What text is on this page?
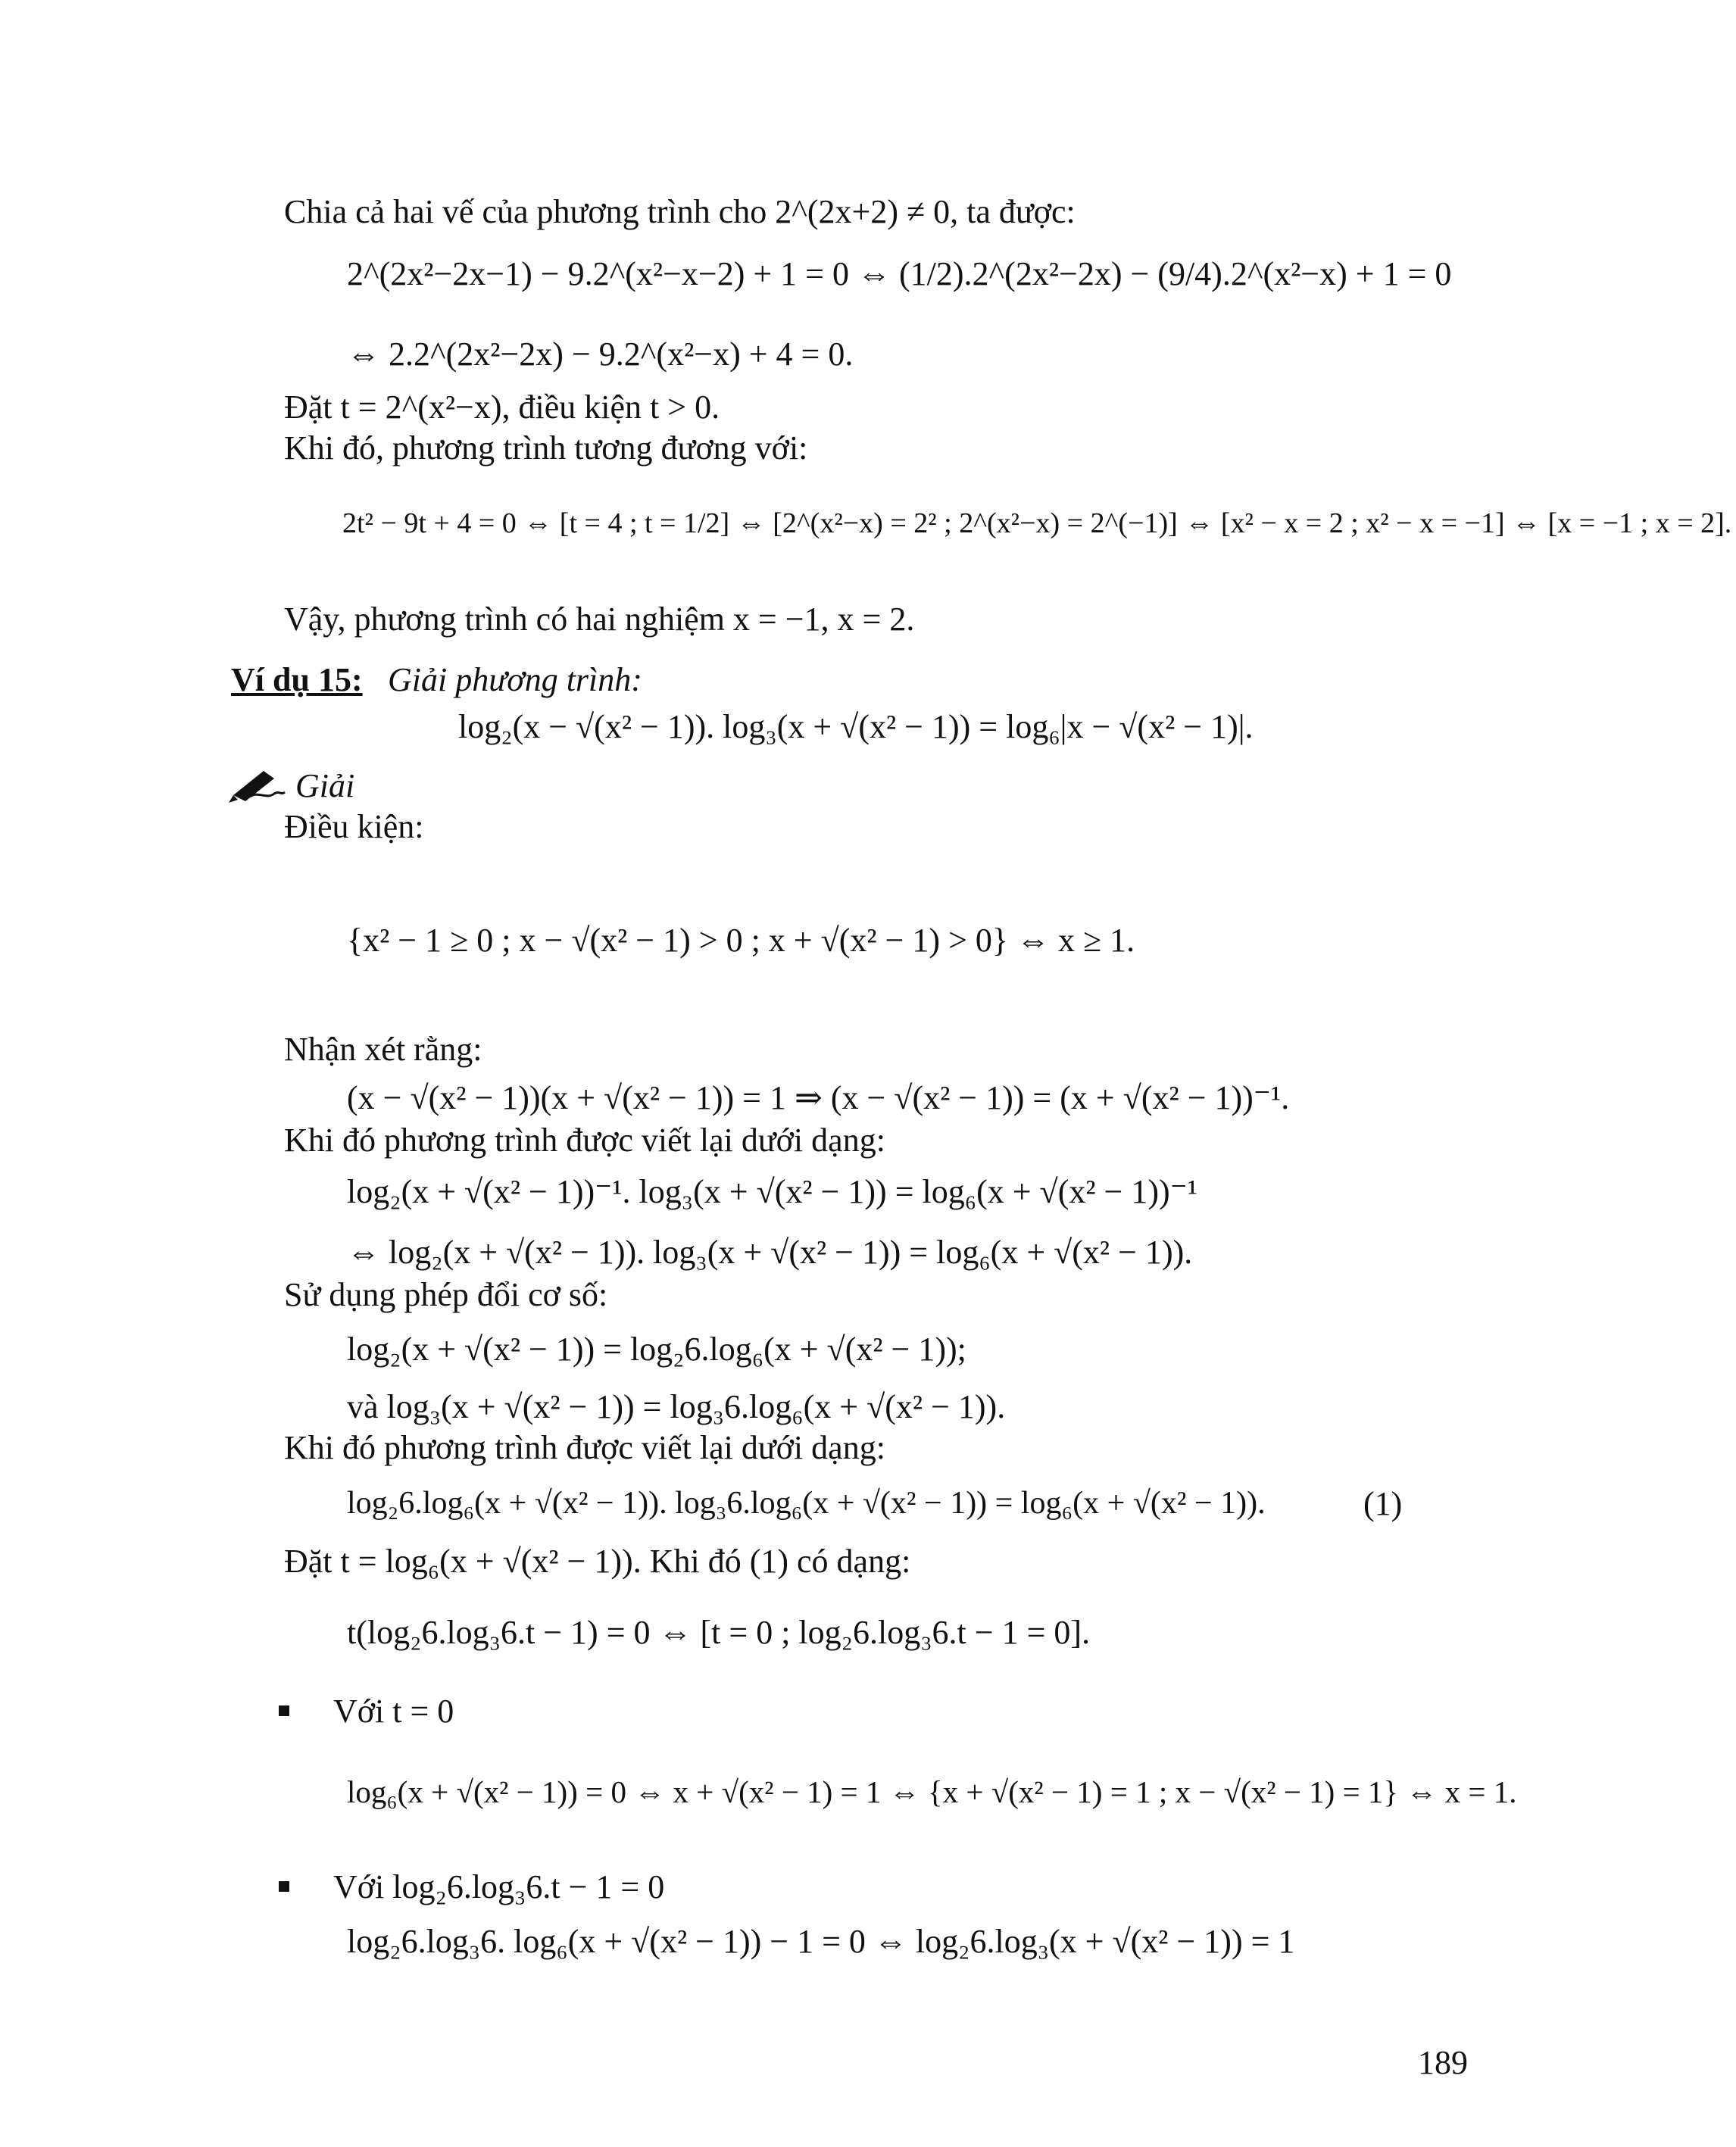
Chia cả hai vế của phương trình cho 2^(2x+2) ≠ 0, ta được:
2^(2x²−2x−1) − 9.2^(x²−x−2) + 1 = 0 ⇔ (1/2).2^(2x²−2x) − (9/4).2^(x²−x) + 1 = 0
⇔ 2.2^(2x²−2x) − 9.2^(x²−x) + 4 = 0.
Đặt t = 2^(x²−x), điều kiện t > 0.
Khi đó, phương trình tương đương với:
2t² − 9t + 4 = 0 ⇔ [t = 4 ; t = 1/2] ⇔ [2^(x²−x) = 2² ; 2^(x²−x) = 2^(−1)] ⇔ [x² − x = 2 ; x² − x = −1] ⇔ [x = −1 ; x = 2].
Vậy, phương trình có hai nghiệm x = −1, x = 2.
Ví dụ 15: Giải phương trình:
log₂(x − √(x² − 1)). log₃(x + √(x² − 1)) = log₆|x − √(x² − 1)|.
Giải
Điều kiện:
{x² − 1 ≥ 0 ; x − √(x² − 1) > 0 ; x + √(x² − 1) > 0} ⇔ x ≥ 1.
Nhận xét rằng:
(x − √(x² − 1))(x + √(x² − 1)) = 1 ⇒ (x − √(x² − 1)) = (x + √(x² − 1))⁻¹.
Khi đó phương trình được viết lại dưới dạng:
log₂(x + √(x² − 1))⁻¹. log₃(x + √(x² − 1)) = log₆(x + √(x² − 1))⁻¹
⇔ log₂(x + √(x² − 1)). log₃(x + √(x² − 1)) = log₆(x + √(x² − 1)).
Sử dụng phép đổi cơ số:
log₂(x + √(x² − 1)) = log₂6.log₆(x + √(x² − 1));
và log₃(x + √(x² − 1)) = log₃6.log₆(x + √(x² − 1)).
Khi đó phương trình được viết lại dưới dạng:
log₂6.log₆(x + √(x² − 1)). log₃6.log₆(x + √(x² − 1)) = log₆(x + √(x² − 1)).	(1)
Đặt t = log₆(x + √(x² − 1)). Khi đó (1) có dạng:
t(log₂6.log₃6.t − 1) = 0 ⇔ [t = 0 ; log₂6.log₃6.t − 1 = 0].
Với t = 0
log₆(x + √(x² − 1)) = 0 ⇔ x + √(x² − 1) = 1 ⇔ {x + √(x² − 1) = 1 ; x − √(x² − 1) = 1} ⇔ x = 1.
Với log₂6.log₃6.t − 1 = 0
log₂6.log₃6. log₆(x + √(x² − 1)) − 1 = 0 ⇔ log₂6.log₃(x + √(x² − 1)) = 1
189
